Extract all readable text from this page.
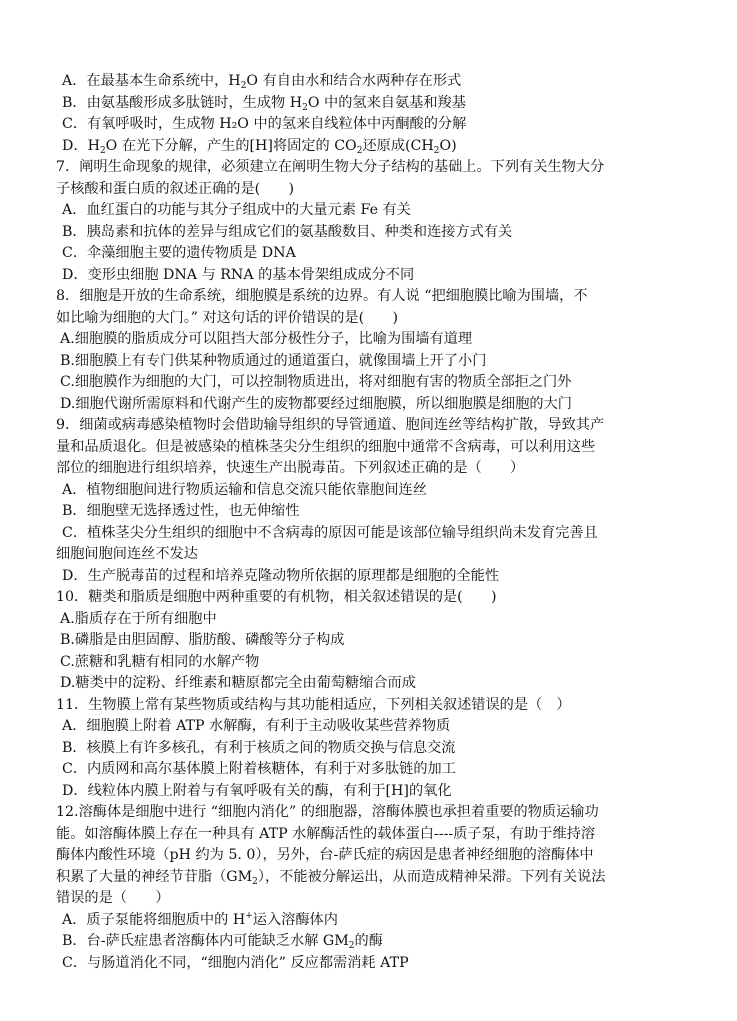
A．在最基本生命系统中，$H_2O$ 有自由水和结合水两种存在形式
B．由氨基酸形成多肽链时，生成物 $H_2O$ 中的氢来自氨基和羧基
C．有氧呼吸时，生成物 H₂O 中的氢来自线粒体中丙酮酸的分解
D．$H_2O$ 在光下分解，产生的[H]将固定的 $CO_2$还原成$(CH_2O)$
7．阐明生命现象的规律，必须建立在阐明生物大分子结构的基础上。下列有关生物大分
子核酸和蛋白质的叙述正确的是(　　)
A．血红蛋白的功能与其分子组成中的大量元素 Fe 有关
B．胰岛素和抗体的差异与组成它们的氨基酸数目、种类和连接方式有关
C．伞藻细胞主要的遗传物质是 DNA
D．变形虫细胞 DNA 与 RNA 的基本骨架组成成分不同
8．细胞是开放的生命系统，细胞膜是系统的边界。有人说 “把细胞膜比喻为围墙，不
如比喻为细胞的大门。” 对这句话的评价错误的是(　　)
A.细胞膜的脂质成分可以阻挡大部分极性分子，比喻为围墙有道理
B.细胞膜上有专门供某种物质通过的通道蛋白，就像围墙上开了小门
C.细胞膜作为细胞的大门，可以控制物质进出，将对细胞有害的物质全部拒之门外
D.细胞代谢所需原料和代谢产生的废物都要经过细胞膜，所以细胞膜是细胞的大门
9．细菌或病毒感染植物时会借助输导组织的导管通道、胞间连丝等结构扩散，导致其产
量和品质退化。但是被感染的植株茎尖分生组织的细胞中通常不含病毒，可以利用这些
部位的细胞进行组织培养，快速生产出脱毒苗。下列叙述正确的是（　　）
A．植物细胞间进行物质运输和信息交流只能依靠胞间连丝
B．细胞壁无选择透过性，也无伸缩性
C．植株茎尖分生组织的细胞中不含病毒的原因可能是该部位输导组织尚未发育完善且
细胞间胞间连丝不发达
D．生产脱毒苗的过程和培养克隆动物所依据的原理都是细胞的全能性
10．糖类和脂质是细胞中两种重要的有机物，相关叙述错误的是(　　)
A.脂质存在于所有细胞中
B.磷脂是由胆固醇、脂肪酸、磷酸等分子构成
C.蔗糖和乳糖有相同的水解产物
D.糖类中的淀粉、纤维素和糖原都完全由葡萄糖缩合而成
11．生物膜上常有某些物质或结构与其功能相适应，下列相关叙述错误的是（　）
A．细胞膜上附着 ATP 水解酶，有利于主动吸收某些营养物质
B．核膜上有许多核孔，有利于核质之间的物质交换与信息交流
C．内质网和高尔基体膜上附着核糖体，有利于对多肽链的加工
D．线粒体内膜上附着与有氧呼吸有关的酶，有利于[H]的氧化
12.溶酶体是细胞中进行 “细胞内消化” 的细胞器，溶酶体膜也承担着重要的物质运输功
能。如溶酶体膜上存在一种具有 ATP 水解酶活性的载体蛋白----质子泵，有助于维持溶
酶体内酸性环境（pH 约为 5. 0），另外，台-萨氏症的病因是患者神经细胞的溶酶体中
积累了大量的神经节苷脂$(GM_2)$，不能被分解运出，从而造成精神呆滞。下列有关说法
错误的是（　　）
A．质子泵能将细胞质中的 H+运入溶酶体内
B．台-萨氏症患者溶酶体内可能缺乏水解 $GM_2$的酶
C．与肠道消化不同，“细胞内消化” 反应都需消耗 ATP
